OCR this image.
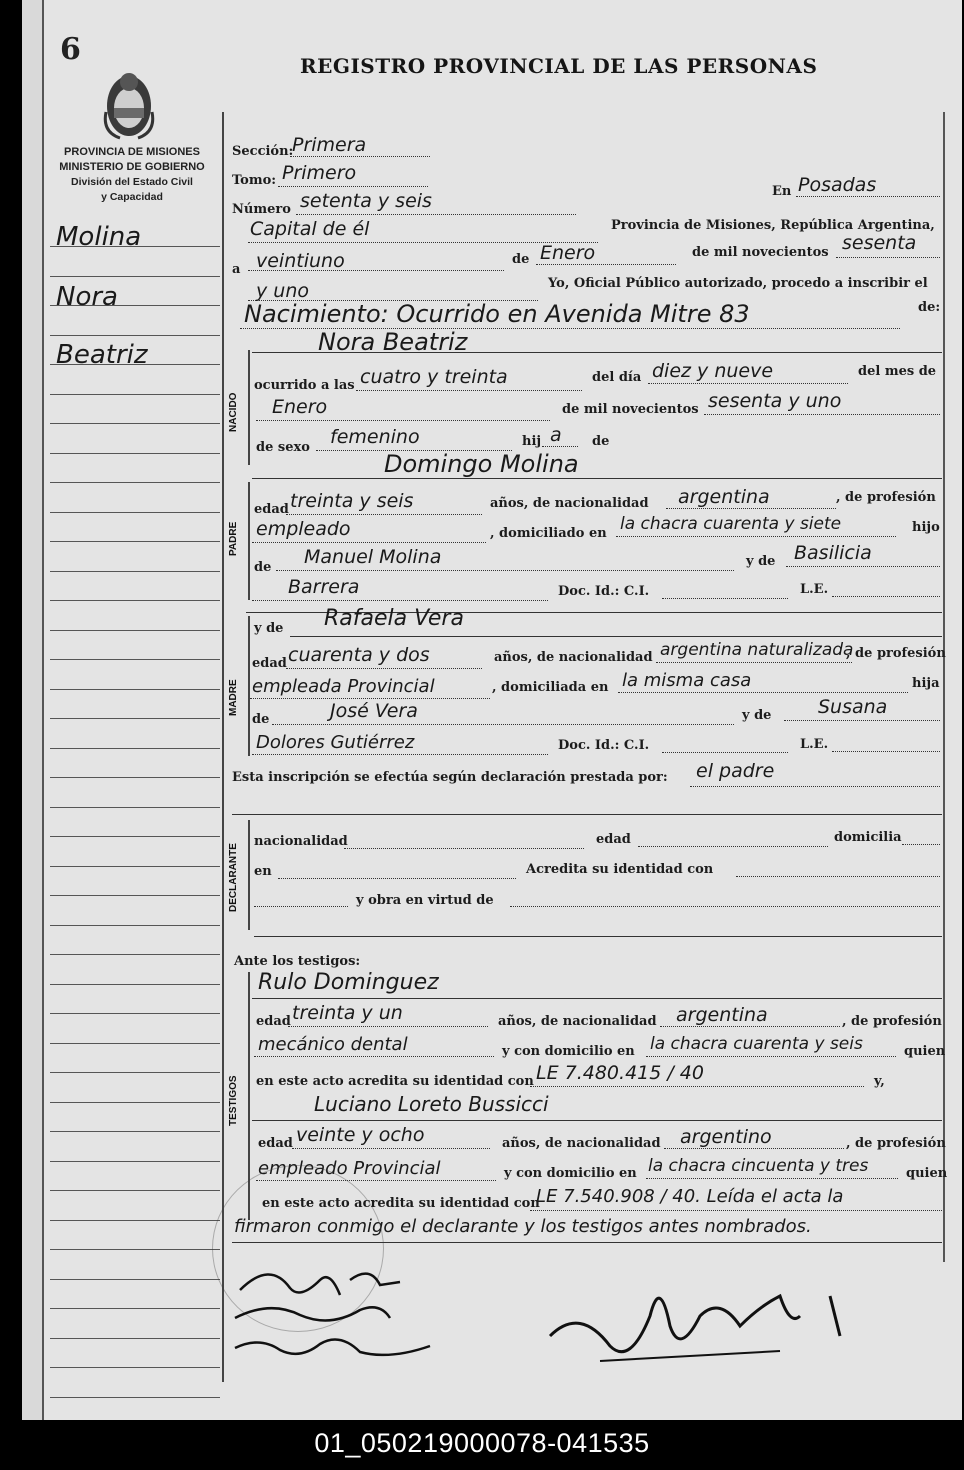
6	REGISTRO PROVINCIAL DE LAS PERSONAS
PROVINCIA DE MISIONES
MINISTERIO DE GOBIERNO
División del Estado Civil
y Capacidad
Molina
Nora
Beatriz
Sección:
Primera
Tomo: Primero
Número setenta y seis	En Posadas
Capital de él	Provincia de Misiones, República Argentina,
a veintiuno	de Enero	de mil novecientos sesenta
y uno	Yo, Oficial Público autorizado, procedo a inscribir el
Nacimiento: Ocurrido en Avenida Mitre 83	de:
NACIDO
Nora Beatriz
ocurrido a las cuatro y treinta	del día diez y nueve	del mes de
Enero	de mil novecientos sesenta y uno
de sexo femenino	hij a de
Domingo Molina
PADRE
edad treinta y seis	años, de nacionalidad argentina	, de profesión
empleado	, domiciliado en la chacra cuarenta y siete	hijo
de Manuel Molina	y de Basilicia
Barrera	Doc. Id.: C.I.	L.E.
MADRE
y de Rafaela Vera
edad cuarenta y dos	años, de nacionalidad argentina naturalizada
, de profesión
empleada Provincial	, domiciliada en la misma casa	hija
de	José Vera	y de Susana
Dolores Gutiérrez	Doc. Id.: C.I.	L.E.
Esta inscripción se efectúa según declaración prestada por: el padre
DECLARANTE
nacionalidad	edad	domicilia
en	Acredita su identidad con
y obra en virtud de
Ante los testigos:
TESTIGOS
Rulo Dominguez
edad treinta y un	años, de nacionalidad argentina	, de profesión
mecánico dental	y con domicilio en la chacra cuarenta y seis	quien
en este acto acredita su identidad con LE 7.480.415 / 40	y,
Luciano Loreto Bussicci
edad veinte y ocho	años, de nacionalidad argentino	, de profesión
empleado Provincial	y con domicilio en la chacra cincuenta y tres	quien
en este acto acredita su identidad con
LE 7.540.908 / 40. Leída el acta la
firmaron conmigo el declarante y los testigos antes nombrados.
01_050219000078-041535
